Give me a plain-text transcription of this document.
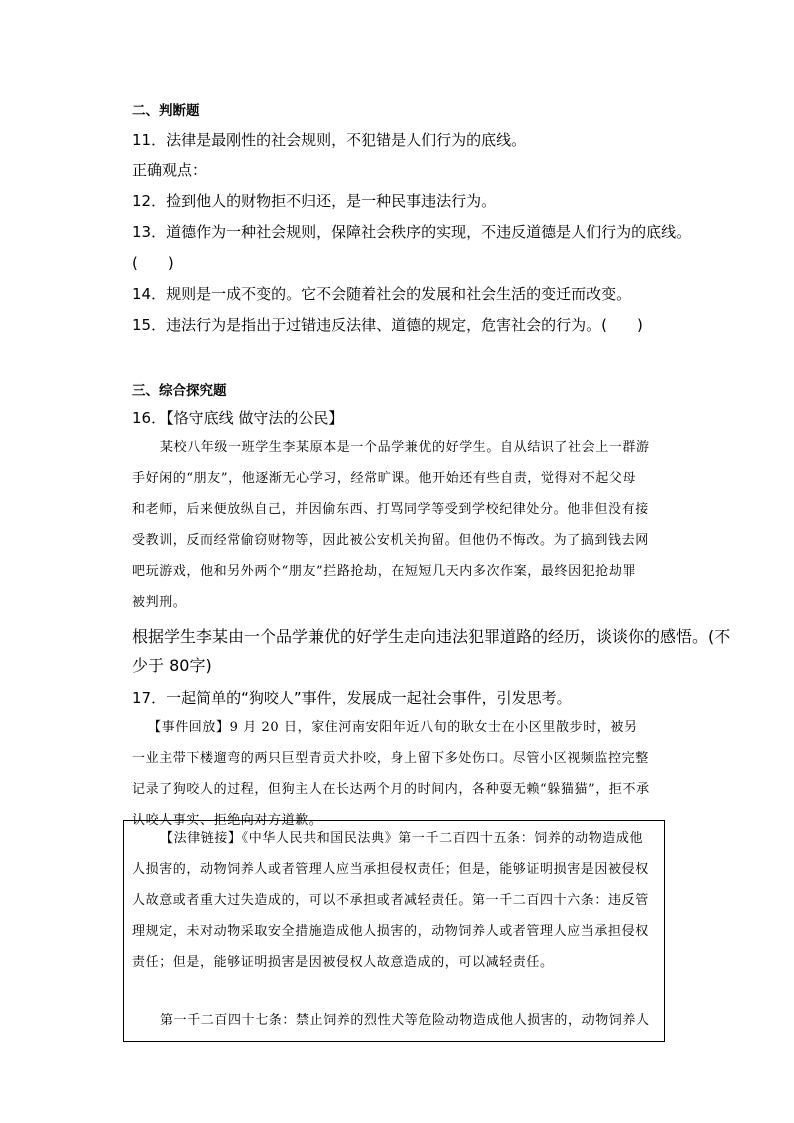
二、判断题
11．法律是最刚性的社会规则，不犯错是人们行为的底线。
正确观点：
12．捡到他人的财物拒不归还，是一种民事违法行为。
13．道德作为一种社会规则，保障社会秩序的实现，不违反道德是人们行为的底线。
(　　)
14．规则是一成不变的。它不会随着社会的发展和社会生活的变迁而改变。
15．违法行为是指出于过错违反法律、道德的规定，危害社会的行为。(　　)
三、综合探究题
16．【恪守底线 做守法的公民】
某校八年级一班学生李某原本是一个品学兼优的好学生。自从结识了社会上一群游
手好闲的“朋友”，他逐渐无心学习，经常旷课。他开始还有些自责，觉得对不起父母
和老师，后来便放纵自己，并因偷东西、打骂同学等受到学校纪律处分。他非但没有接
受教训，反而经常偷窃财物等，因此被公安机关拘留。但他仍不悔改。为了搞到钱去网
吧玩游戏，他和另外两个“朋友”拦路抢劫，在短短几天内多次作案，最终因犯抢劫罪
被判刑。
根据学生李某由一个品学兼优的好学生走向违法犯罪道路的经历，谈谈你的感悟。(不
少于 80字)
17．一起简单的“狗咬人”事件，发展成一起社会事件，引发思考。
【事件回放】9 月 20 日，家住河南安阳年近八旬的耿女士在小区里散步时，被另
一业主带下楼遛弯的两只巨型青贡犬扑咬，身上留下多处伤口。尽管小区视频监控完整
记录了狗咬人的过程，但狗主人在长达两个月的时间内，各种耍无赖“躲猫猫”，拒不承
认咬人事实、拒绝向对方道歉。
【法律链接】《中华人民共和国民法典》第一千二百四十五条：饲养的动物造成他
人损害的，动物饲养人或者管理人应当承担侵权责任；但是，能够证明损害是因被侵权
人故意或者重大过失造成的，可以不承担或者减轻责任。第一千二百四十六条：违反管
理规定，未对动物采取安全措施造成他人损害的，动物饲养人或者管理人应当承担侵权
责任；但是，能够证明损害是因被侵权人故意造成的，可以减轻责任。
第一千二百四十七条：禁止饲养的烈性犬等危险动物造成他人损害的，动物饲养人
